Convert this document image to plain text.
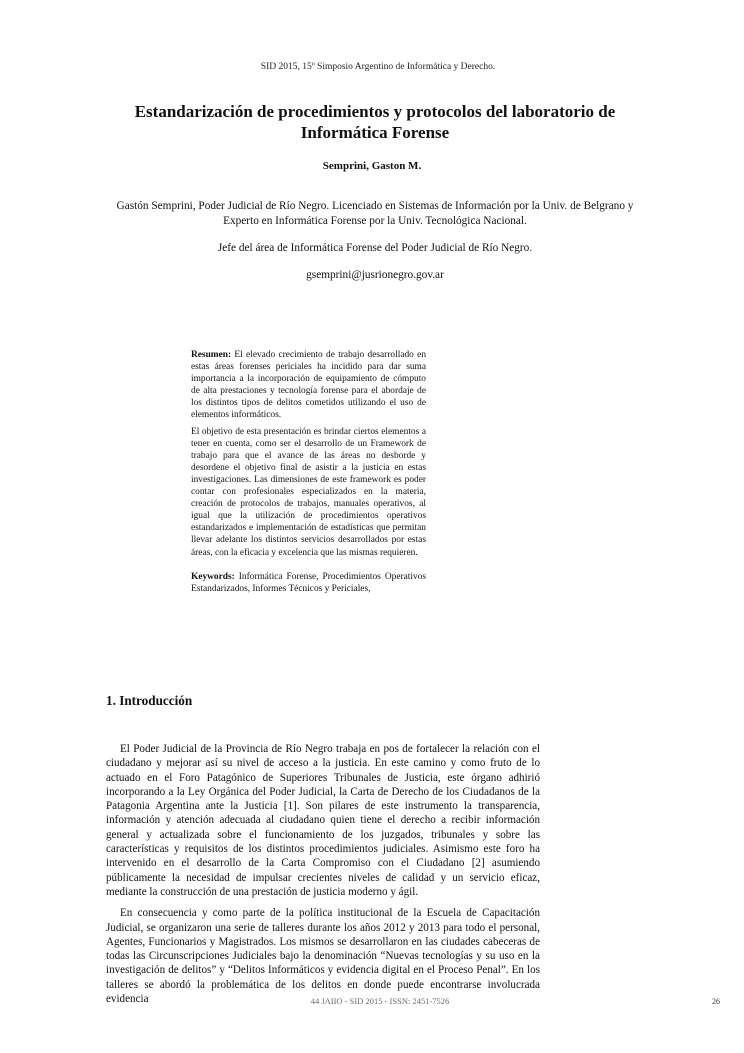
SID 2015, 15º Simposio Argentino de Informática y Derecho.
Estandarización de procedimientos y protocolos del laboratorio de Informática Forense
Semprini, Gaston M.

Gastón Semprini, Poder Judicial de Río Negro. Licenciado en Sistemas de Información por la Univ. de Belgrano y Experto en Informática Forense por la Univ. Tecnológica Nacional.

Jefe del área de Informática Forense del Poder Judicial de Río Negro.

gsemprini@jusrionegro.gov.ar

Resumen: El elevado crecimiento de trabajo desarrollado en estas áreas forenses periciales ha incidido para dar suma importancia a la incorporación de equipamiento de cómputo de alta prestaciones y tecnología forense para el abordaje de los distintos tipos de delitos cometidos utilizando el uso de elementos informáticos.

El objetivo de esta presentación es brindar ciertos elementos a tener en cuenta, como ser el desarrollo de un Framework de trabajo para que el avance de las áreas no desborde y desordene el objetivo final de asistir a la justicia en estas investigaciones. Las dimensiones de este framework es poder contar con profesionales especializados en la materia, creación de protocolos de trabajos, manuales operativos, al igual que la utilización de procedimientos operativos estandarizados e implementación de estadísticas que permitan llevar adelante los distintos servicios desarrollados por estas áreas, con la eficacia y excelencia que las mismas requieren.

Keywords: Informática Forense, Procedimientos Operativos Estandarizados, Informes Técnicos y Periciales,

1. Introducción

El Poder Judicial de la Provincia de Río Negro trabaja en pos de fortalecer la relación con el ciudadano y mejorar así su nivel de acceso a la justicia. En este camino y como fruto de lo actuado en el Foro Patagónico de Superiores Tribunales de Justicia, este órgano adhirió incorporando a la Ley Orgánica del Poder Judicial, la Carta de Derecho de los Ciudadanos de la Patagonia Argentina ante la Justicia [1]. Son pilares de este instrumento la transparencia, información y atención adecuada al ciudadano quien tiene el derecho a recibir información general y actualizada sobre el funcionamiento de los juzgados, tribunales y sobre las características y requisitos de los distintos procedimientos judiciales. Asimismo este foro ha intervenido en el desarrollo de la Carta Compromiso con el Ciudadano [2] asumiendo públicamente la necesidad de impulsar crecientes niveles de calidad y un servicio eficaz, mediante la construcción de una prestación de justicia moderno y ágil.

En consecuencia y como parte de la política institucional de la Escuela de Capacitación Judicial, se organizaron una serie de talleres durante los años 2012 y 2013 para todo el personal, Agentes, Funcionarios y Magistrados. Los mismos se desarrollaron en las ciudades cabeceras de todas las Circunscripciones Judiciales bajo la denominación “Nuevas tecnologías y su uso en la investigación de delitos” y “Delitos Informáticos y evidencia digital en el Proceso Penal”. En los talleres se abordó la problemática de los delitos en donde puede encontrarse involucrada evidencia	44 JAIIO - SID 2015 - ISSN: 2451-7526	26
